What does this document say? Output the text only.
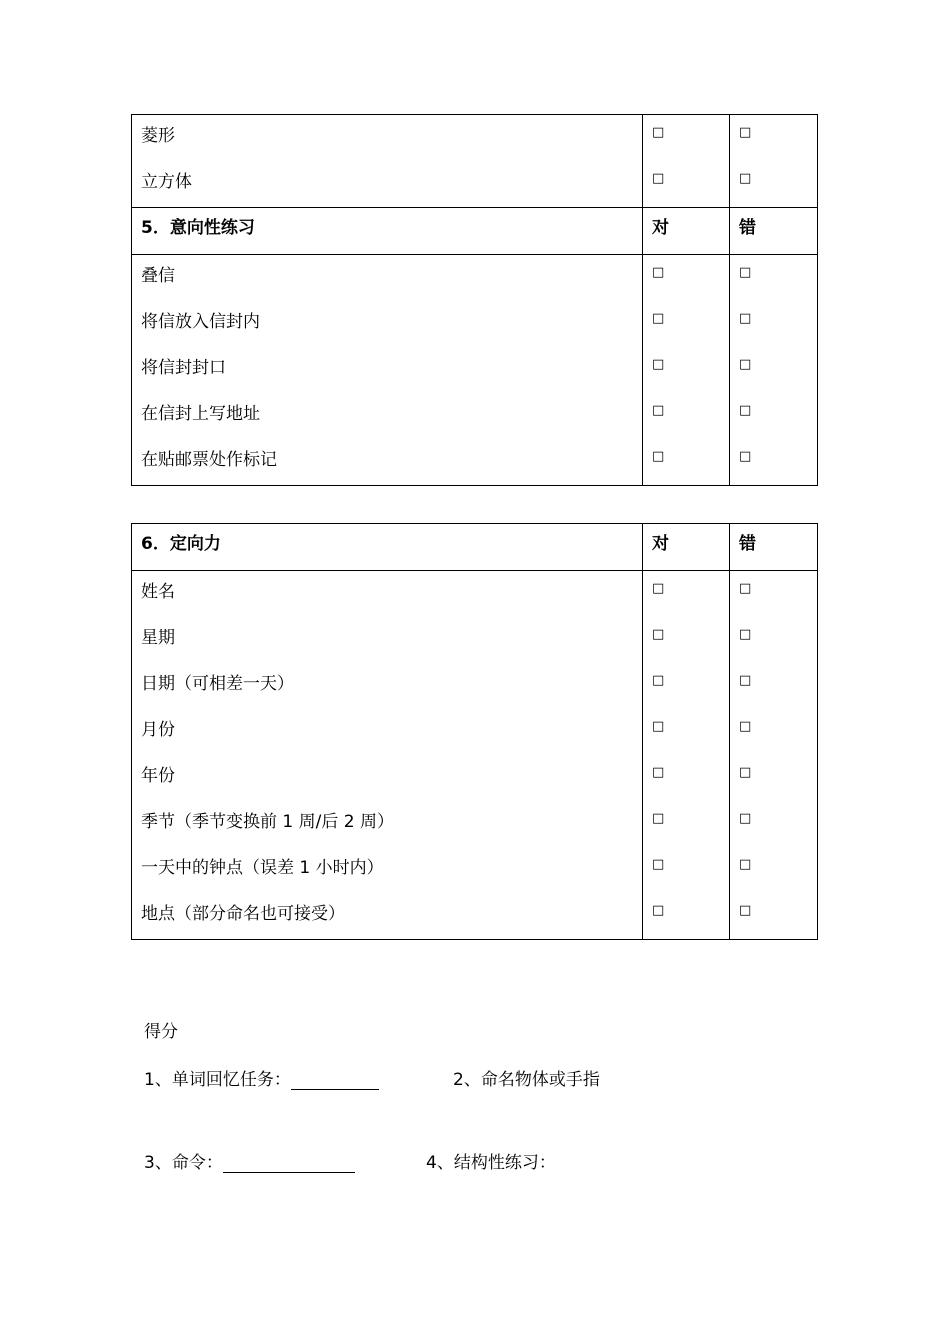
菱形	□	□

立方体	□	□

5．意向性练习	对	错

叠信	□	□

将信放入信封内	□	□

将信封封口	□	□

在信封上写地址	□	□

在贴邮票处作标记	□	□
6．定向力	对	错

姓名	□	□

星期	□	□

日期（可相差一天）	□	□

月份	□	□

年份	□	□

季节（季节变换前 1 周/后 2 周）	□	□

一天中的钟点（误差 1 小时内）	□	□

地点（部分命名也可接受）	□	□
得分
1、单词回忆任务：	2、命名物体或手指
3、命令：	4、结构性练习：
